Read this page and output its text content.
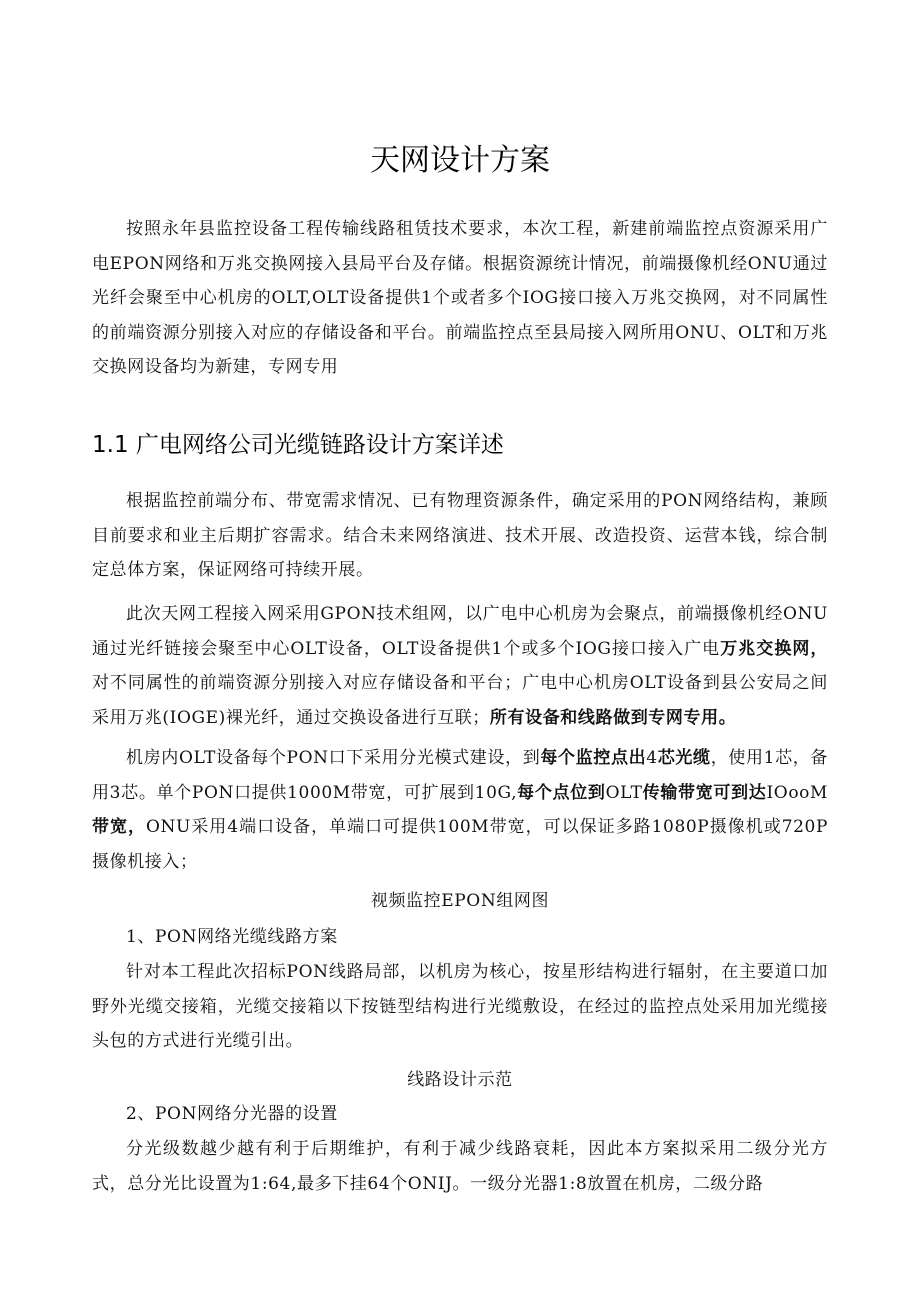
天网设计方案

按照永年县监控设备工程传输线路租赁技术要求，本次工程，新建前端监控点资源采用广电EPON网络和万兆交换网接入县局平台及存储。根据资源统计情况，前端摄像机经ONU通过光纤会聚至中心机房的OLT,OLT设备提供1个或者多个IOG接口接入万兆交换网，对不同属性的前端资源分别接入对应的存储设备和平台。前端监控点至县局接入网所用ONU、OLT和万兆交换网设备均为新建，专网专用

1.1 广电网络公司光缆链路设计方案详述

根据监控前端分布、带宽需求情况、已有物理资源条件，确定采用的PON网络结构，兼顾目前要求和业主后期扩容需求。结合未来网络演进、技术开展、改造投资、运营本钱，综合制定总体方案，保证网络可持续开展。

此次天网工程接入网采用GPON技术组网，以广电中心机房为会聚点，前端摄像机经ONU通过光纤链接会聚至中心OLT设备，OLT设备提供1个或多个IOG接口接入广电万兆交换网，对不同属性的前端资源分别接入对应存储设备和平台；广电中心机房OLT设备到县公安局之间采用万兆(IOGE)裸光纤，通过交换设备进行互联；所有设备和线路做到专网专用。

机房内OLT设备每个PON口下采用分光模式建设，到每个监控点出4芯光缆，使用1芯，备用3芯。单个PON口提供1000M带宽，可扩展到10G,每个点位到OLT传输带宽可到达IOooM带宽，ONU采用4端口设备，单端口可提供100M带宽，可以保证多路1080P摄像机或720P摄像机接入；

视频监控EPON组网图

1、PON网络光缆线路方案

针对本工程此次招标PON线路局部，以机房为核心，按星形结构进行辐射，在主要道口加野外光缆交接箱，光缆交接箱以下按链型结构进行光缆敷设，在经过的监控点处采用加光缆接头包的方式进行光缆引出。

线路设计示范

2、PON网络分光器的设置

分光级数越少越有利于后期维护，有利于减少线路衰耗，因此本方案拟采用二级分光方式，总分光比设置为1:64,最多下挂64个ONIJ。一级分光器1:8放置在机房，二级分路
